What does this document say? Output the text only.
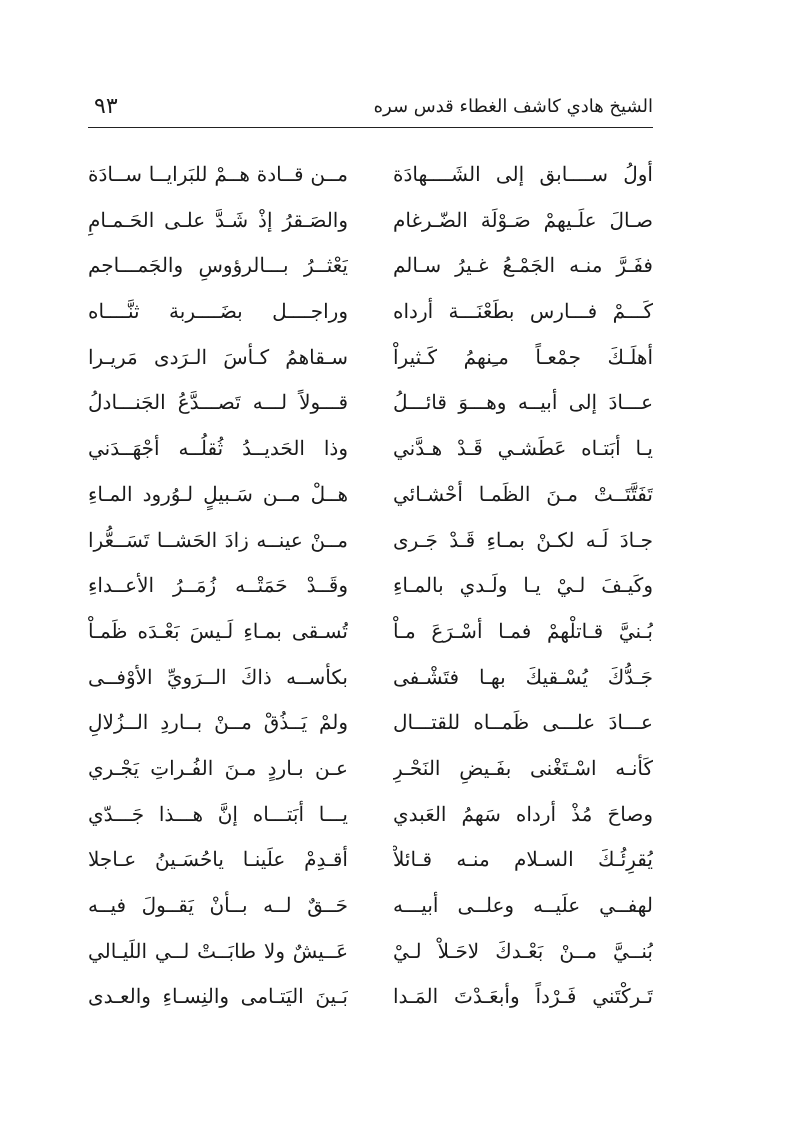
٩٣	الشيخ هادي كاشف الغطاء قدس سره
أولُ ســــابق إلى الشَــــهادَة
مــن قــادة هــمْ للبَرايــا ســادَة
صـالَ علَـيهمْ صَـوْلَة الضّـرغام
والصَـقرُ إذْ شَـدَّ علـى الحَـمـامِ
ففَـرَّ منـه الجَمْـعُ غـيرُ سـالم
يَعْثــرُ بـــالرؤوسِ والجَمـــاجم
كَـــمْ فـــارس بطَعْنَـــة أرداه
وراجــــل بضَــــربة ثنَّــــاه
أهلَـكَ جمْعـاً مـِنهمُ كَـثيراْ
سـقاهمُ كـأسَ الـرَدى مَريـرا
عـــادَ إلى أبيــه وهـــوَ قائـــلُ
قـــولاً لـــه تَصـــدَّعُ الجَنـــادلُ
يـا أبَتـاه عَطَشـي قَـدْ هـدَّني
وذا الحَديــدُ ثُقلُــه أجْهَــدَني
تَفَتَّتَــتْ مـنَ الظَمـا أحْشـائي
هــلْ مــن سَـبيلٍ لـوُرود المـاءِ
جـادَ لَـه لكـنْ بمـاءِ قَـدْ جَـرى
مــنْ عينــه زادَ الحَشــا تَسَــعُّرا
وكَيـفَ لـيْ يـا ولَـدي بالمـاءِ
وقَــدْ حَمَتْــه زُمَــرُ الأعــداءِ
بُـنيَّ قـاتلْهمْ فمـا أسْـرَعَ مـاْ
تُسـقى بمـاءِ لَـيسَ بَعْـدَه ظَمـاْ
جَـدُّكَ يُسْـقيكَ بهـا فتَشْـفى
بكأســه ذاكَ الــرَويِّ الأوْفــى
عـــادَ علـــى ظَمــاه للقتـــال
ولمْ يَــذُقْ مــنْ بــاردِ الــزُلالِ
كَأنـه اسْـتَغْنى بفَـيضِ النَحْـرِ
عـن بـاردٍ مـنَ الفُـراتِ يَجْـري
وصاحَ مُذْ أرداه سَهمُ العَبدي
يـــا أبَتـــاه إنَّ هـــذا جَـــدّي
يُقرِئُـكَ السـلام منـه قـائلاْ
أقـدِمْ علَينـا ياحُسَـينُ عـاجلا
لهفــي علَيــه وعلــى أبيـــه
حَــقٌ لــه بــأنْ يَقــولَ فيــه
بُنــيَّ مــنْ بَعْـدكَ لاحَـلاْ لـيْ
عَــيشٌ ولا طابَــتْ لــي اللَيـالي
تَـركْتَني فَـرْداً وأبعَـدْتَ المَـدا
بَـينَ اليَتـامى والنِسـاءِ والعـدى
